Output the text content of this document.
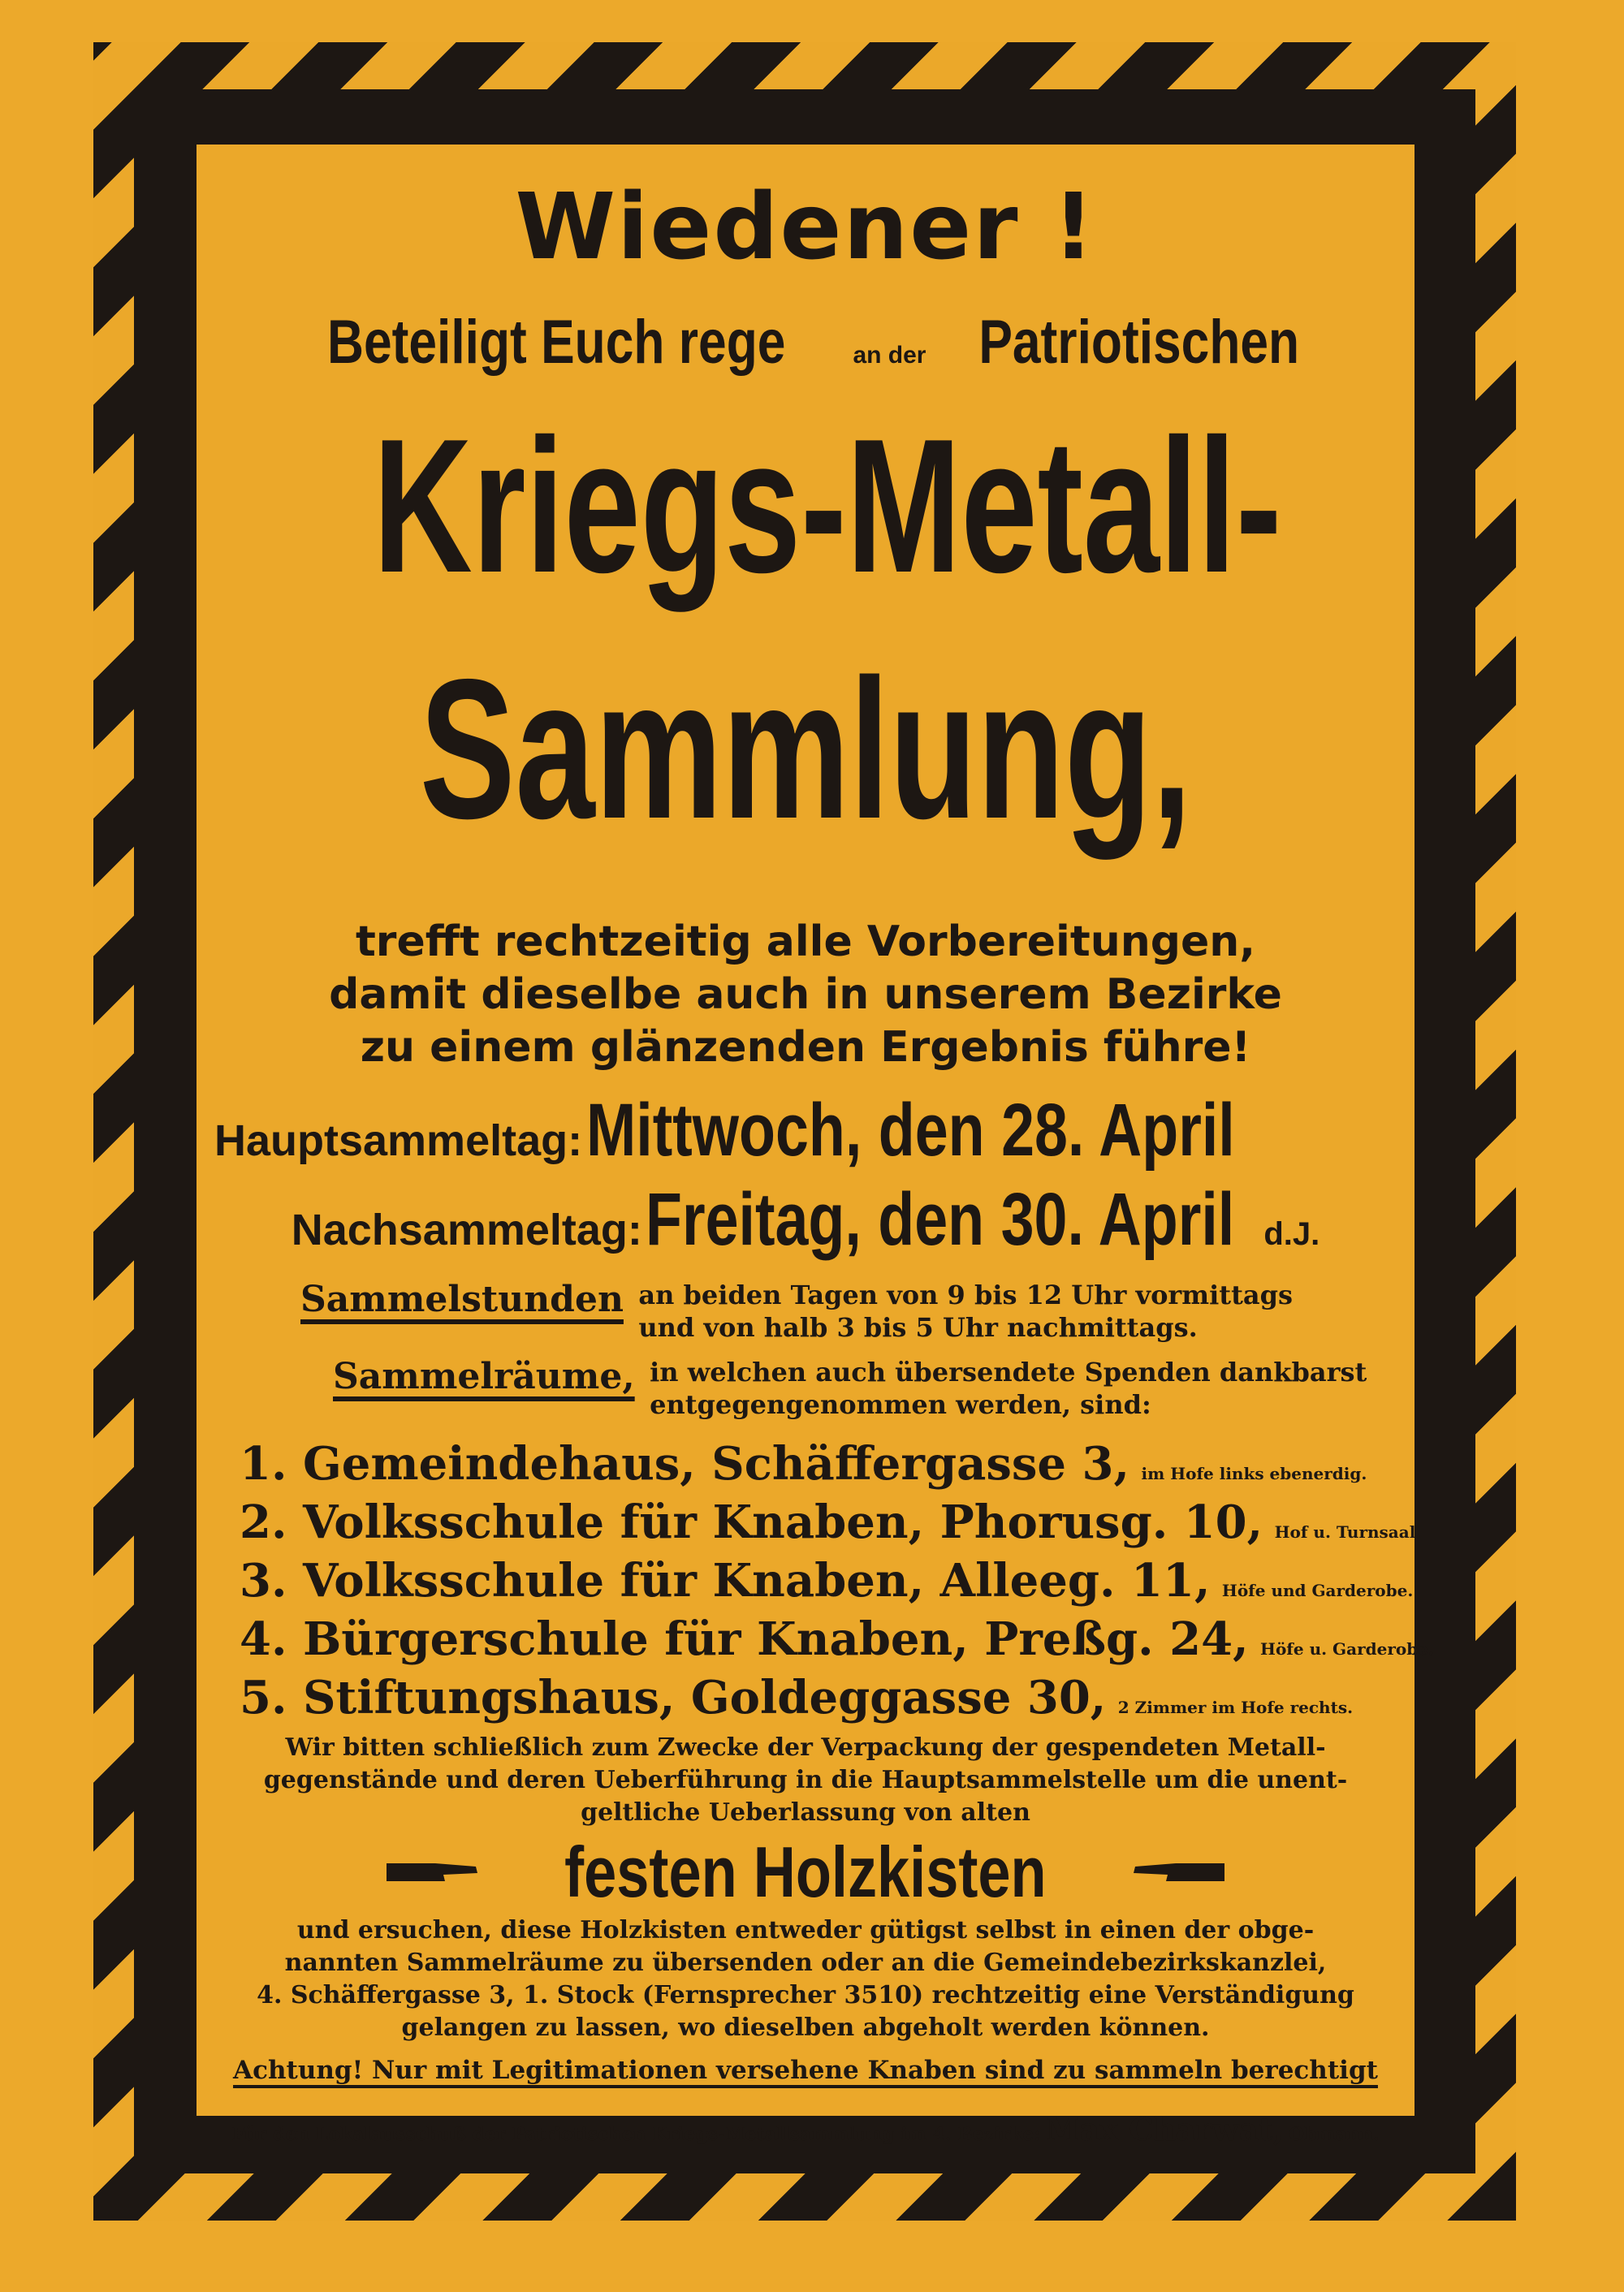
Wiedener !
Beteiligt Euch rege	an der Patriotischen
Kriegs-Metall-
Sammlung,
trefft rechtzeitig alle Vorbereitungen,
damit dieselbe auch in unserem Bezirke
zu einem glänzenden Ergebnis führe!
Hauptsammeltag: Mittwoch, den 28. April
Nachsammeltag: Freitag, den 30. April d.J.
Sammelstunden an beiden Tagen von 9 bis 12 Uhr vormittags
und von halb 3 bis 5 Uhr nachmittags.
Sammelräume, in welchen auch übersendete Spenden dankbarst
entgegengenommen werden, sind:
1. Gemeindehaus, Schäffergasse 3, im Hofe links ebenerdig.
2. Volksschule für Knaben, Phorusg. 10, Hof u. Turnsaal.
3. Volksschule für Knaben, Alleeg. 11, Höfe und Garderobe.
4. Bürgerschule für Knaben, Preßg. 24, Höfe u. Garderobe.
5. Stiftungshaus, Goldeggasse 30, 2 Zimmer im Hofe rechts.
Wir bitten schließlich zum Zwecke der Verpackung der gespendeten Metall-
gegenstände und deren Ueberführung in die Hauptsammelstelle um die unent-
geltliche Ueberlassung von alten
festen Holzkisten
und ersuchen, diese Holzkisten entweder gütigst selbst in einen der obge-
nannten Sammelräume zu übersenden oder an die Gemeindebezirkskanzlei,
4. Schäffergasse 3, 1. Stock (Fernsprecher 3510) rechtzeitig eine Verständigung
gelangen zu lassen, wo dieselben abgeholt werden können.
Achtung! Nur mit Legitimationen versehene Knaben sind zu sammeln berechtigt
Für den Lokalausschuß der Patriotischen Kriegs-Metallsammlung im 4. Bezirke: Max Charwat, Obmann.
